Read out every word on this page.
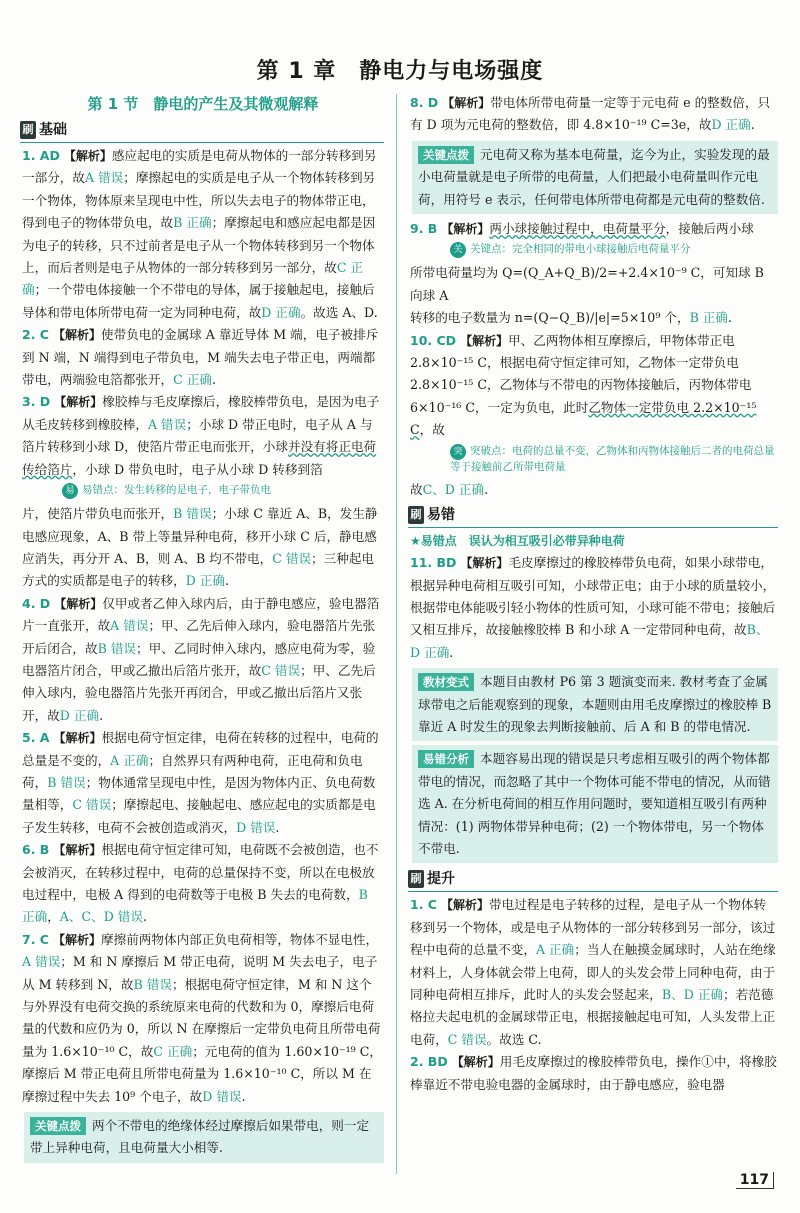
第 1 章　静电力与电场强度
第 1 节　静电的产生及其微观解释
刷 基础

1. AD 【解析】感应起电的实质是电荷从物体的一部分转移到另一部分，故A 错误；摩擦起电的实质是电子从一个物体转移到另一个物体，物体原来呈现电中性，所以失去电子的物体带正电，得到电子的物体带负电，故B 正确；摩擦起电和感应起电都是因为电子的转移，只不过前者是电子从一个物体转移到另一个物体上，而后者则是电子从物体的一部分转移到另一部分，故C 正确；一个带电体接触一个不带电的导体，属于接触起电，接触后导体和带电体所带电荷一定为同种电荷，故D 正确。故选 A、D.

2. C 【解析】使带负电的金属球 A 靠近导体 M 端，电子被排斥到 N 端，N 端得到电子带负电，M 端失去电子带正电，两端都带电，两端验电箔都张开，C 正确.

3. D 【解析】橡胶棒与毛皮摩擦后，橡胶棒带负电，是因为电子从毛皮转移到橡胶棒，A 错误；小球 D 带正电时，电子从 A 与箔片转移到小球 D，使箔片带正电而张开，小球并没有将正电荷传给箔片，小球 D 带负电时，电子从小球 D 转移到箔

易 易错点：发生转移的是电子，电子带负电

片，使箔片带负电而张开，B 错误；小球 C 靠近 A、B，发生静电感应现象，A、B 带上等量异种电荷，移开小球 C 后，静电感应消失，再分开 A、B，则 A、B 均不带电，C 错误；三种起电方式的实质都是电子的转移，D 正确.

4. D 【解析】仅甲或者乙伸入球内后，由于静电感应，验电器箔片一直张开，故A 错误；甲、乙先后伸入球内，验电器箔片先张开后闭合，故B 错误；甲、乙同时伸入球内，感应电荷为零，验电器箔片闭合，甲或乙撤出后箔片张开，故C 错误；甲、乙先后伸入球内，验电器箔片先张开再闭合，甲或乙撤出后箔片又张开，故D 正确.

5. A 【解析】根据电荷守恒定律，电荷在转移的过程中，电荷的总量是不变的，A 正确；自然界只有两种电荷，正电荷和负电荷，B 错误；物体通常呈现电中性，是因为物体内正、负电荷数量相等，C 错误；摩擦起电、接触起电、感应起电的实质都是电子发生转移，电荷不会被创造或消灭，D 错误.

6. B 【解析】根据电荷守恒定律可知，电荷既不会被创造，也不会被消灭，在转移过程中，电荷的总量保持不变，所以在电极放电过程中，电极 A 得到的电荷数等于电极 B 失去的电荷数，B 正确，A、C、D 错误.

7. C 【解析】摩擦前两物体内部正负电荷相等，物体不显电性，A 错误；M 和 N 摩擦后 M 带正电荷，说明 M 失去电子，电子从 M 转移到 N，故B 错误；根据电荷守恒定律，M 和 N 这个与外界没有电荷交换的系统原来电荷的代数和为 0，摩擦后电荷量的代数和应仍为 0，所以 N 在摩擦后一定带负电荷且所带电荷量为 1.6×10⁻¹⁰ C，故C 正确；元电荷的值为 1.60×10⁻¹⁹ C，摩擦后 M 带正电荷且所带电荷量为 1.6×10⁻¹⁰ C，所以 M 在摩擦过程中失去 10⁹ 个电子，故D 错误.

关键点拨 两个不带电的绝缘体经过摩擦后如果带电，则一定带上异种电荷，且电荷量大小相等.

8. D 【解析】带电体所带电荷量一定等于元电荷 e 的整数倍，只有 D 项为元电荷的整数倍，即 4.8×10⁻¹⁹ C=3e，故D 正确.

关键点拨 元电荷又称为基本电荷量，迄今为止，实验发现的最小电荷量就是电子所带的电荷量，人们把最小电荷量叫作元电荷，用符号 e 表示，任何带电体所带电荷都是元电荷的整数倍.

9. B 【解析】两小球接触过程中，电荷量平分，接触后两小球

关 关键点：完全相同的带电小球接触后电荷量平分

所带电荷量均为 Q=(Q_A+Q_B)/2=+2.4×10⁻⁹ C，可知球 B 向球 A
转移的电子数量为 n=(Q−Q_B)/|e|=5×10⁹ 个，B 正确.

10. CD 【解析】甲、乙两物体相互摩擦后，甲物体带正电 2.8×10⁻¹⁵ C，根据电荷守恒定律可知，乙物体一定带负电 2.8×10⁻¹⁵ C，乙物体与不带电的丙物体接触后，丙物体带电 6×10⁻¹⁶ C，一定为负电，此时乙物体一定带负电 2.2×10⁻¹⁵ C，故

突 突破点：电荷的总量不变，乙物体和丙物体接触后二者的电荷总量等于接触前乙所带电荷量

故C、D 正确.

刷 易错
★易错点　 误认为相互吸引必带异种电荷

11. BD 【解析】毛皮摩擦过的橡胶棒带负电荷，如果小球带电，根据异种电荷相互吸引可知，小球带正电；由于小球的质量较小，根据带电体能吸引轻小物体的性质可知，小球可能不带电；接触后又相互排斥，故接触橡胶棒 B 和小球 A 一定带同种电荷，故B、D 正确.

教材变式 本题目由教材 P6 第 3 题演变而来. 教材考查了金属球带电之后能观察到的现象，本题则由用毛皮摩擦过的橡胶棒 B 靠近 A 时发生的现象去判断接触前、后 A 和 B 的带电情况.
易错分析 本题容易出现的错误是只考虑相互吸引的两个物体都带电的情况，而忽略了其中一个物体可能不带电的情况，从而错选 A. 在分析电荷间的相互作用问题时，要知道相互吸引有两种情况：(1) 两物体带异种电荷；(2) 一个物体带电，另一个物体不带电.
刷 提升

1. C 【解析】带电过程是电子转移的过程，是电子从一个物体转移到另一个物体，或是电子从物体的一部分转移到另一部分，该过程中电荷的总量不变，A 正确；当人在触摸金属球时，人站在绝缘材料上，人身体就会带上电荷，即人的头发会带上同种电荷，由于同种电荷相互排斥，此时人的头发会竖起来，B、D 正确；若范德格拉夫起电机的金属球带正电，根据接触起电可知，人头发带上正电荷，C 错误。故选 C.

2. BD 【解析】用毛皮摩擦过的橡胶棒带负电，操作①中，将橡胶棒靠近不带电验电器的金属球时，由于静电感应，验电器

117
